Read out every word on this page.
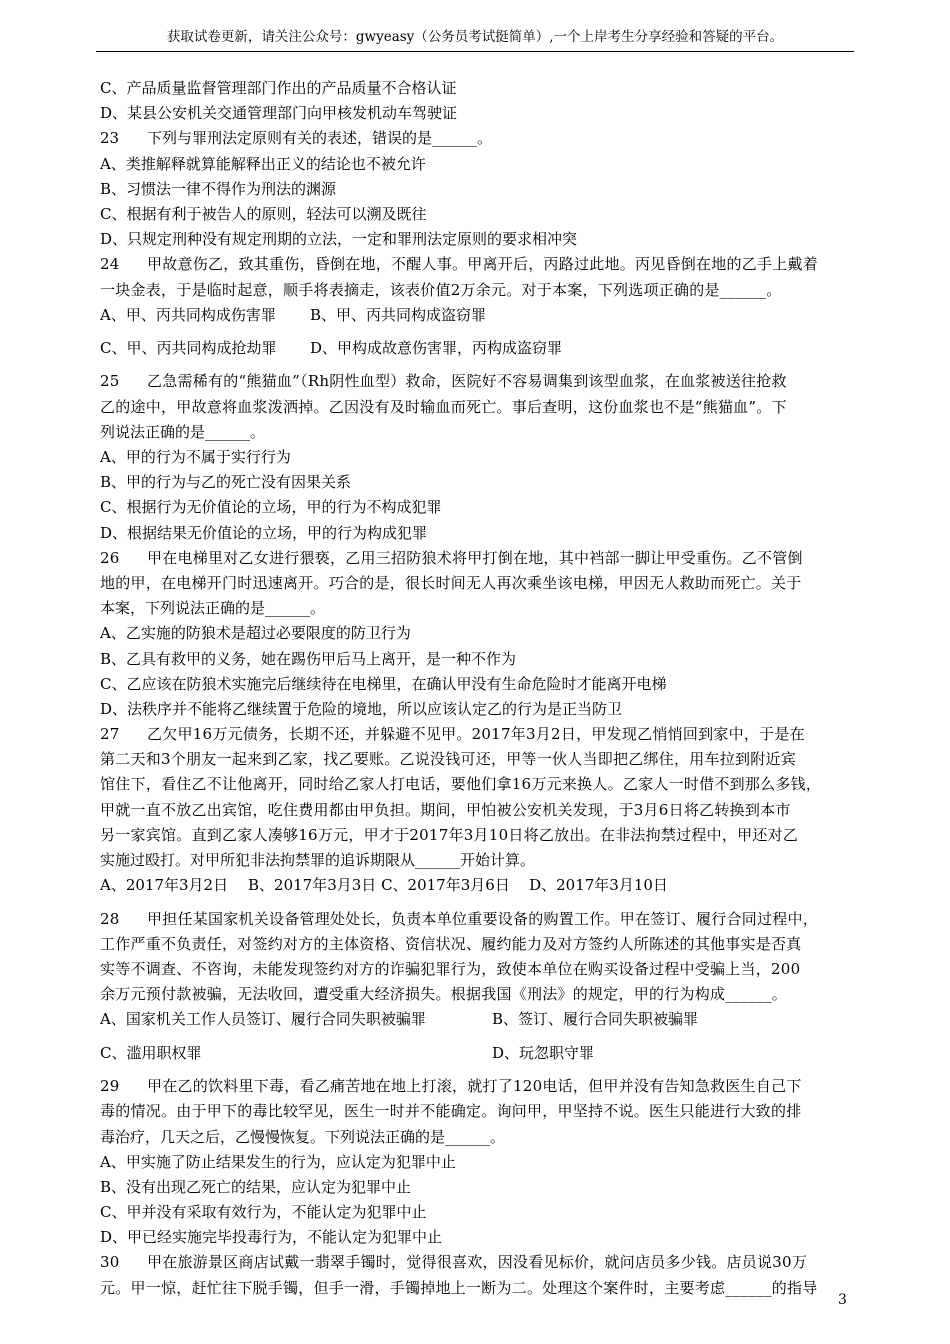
获取试卷更新，请关注公众号：gwyeasy（公务员考试挺简单）,一个上岸考生分享经验和答疑的平台。
C、产品质量监督管理部门作出的产品质量不合格认证
D、某县公安机关交通管理部门向甲核发机动车驾驶证
23 下列与罪刑法定原则有关的表述，错误的是______。
A、类推解释就算能解释出正义的结论也不被允许
B、习惯法一律不得作为刑法的渊源
C、根据有利于被告人的原则，轻法可以溯及既往
D、只规定刑种没有规定刑期的立法，一定和罪刑法定原则的要求相冲突
24 甲故意伤乙，致其重伤，昏倒在地，不醒人事。甲离开后，丙路过此地。丙见昏倒在地的乙手上戴着
一块金表，于是临时起意，顺手将表摘走，该表价值2万余元。对于本案，下列选项正确的是______。
A、甲、丙共同构成伤害罪 B、甲、丙共同构成盗窃罪 C、甲、丙共同构成抢劫罪 D、甲构成故意伤害罪，丙构成盗窃罪
25 乙急需稀有的“熊猫血”（Rh阴性血型）救命，医院好不容易调集到该型血浆，在血浆被送往抢救
乙的途中，甲故意将血浆泼洒掉。乙因没有及时输血而死亡。事后查明，这份血浆也不是“熊猫血”。下
列说法正确的是______。
A、甲的行为不属于实行行为
B、甲的行为与乙的死亡没有因果关系
C、根据行为无价值论的立场，甲的行为不构成犯罪
D、根据结果无价值论的立场，甲的行为构成犯罪
26 甲在电梯里对乙女进行猥亵，乙用三招防狼术将甲打倒在地，其中裆部一脚让甲受重伤。乙不管倒
地的甲，在电梯开门时迅速离开。巧合的是，很长时间无人再次乘坐该电梯，甲因无人救助而死亡。关于
本案，下列说法正确的是______。
A、乙实施的防狼术是超过必要限度的防卫行为
B、乙具有救甲的义务，她在踢伤甲后马上离开，是一种不作为
C、乙应该在防狼术实施完后继续待在电梯里，在确认甲没有生命危险时才能离开电梯
D、法秩序并不能将乙继续置于危险的境地，所以应该认定乙的行为是正当防卫
27 乙欠甲16万元债务，长期不还，并躲避不见甲。2017年3月2日，甲发现乙悄悄回到家中，于是在
第二天和3个朋友一起来到乙家，找乙要账。乙说没钱可还，甲等一伙人当即把乙绑住，用车拉到附近宾
馆住下，看住乙不让他离开，同时给乙家人打电话，要他们拿16万元来换人。乙家人一时借不到那么多钱，
甲就一直不放乙出宾馆，吃住费用都由甲负担。期间，甲怕被公安机关发现，于3月6日将乙转换到本市
另一家宾馆。直到乙家人凑够16万元，甲才于2017年3月10日将乙放出。在非法拘禁过程中，甲还对乙
实施过殴打。对甲所犯非法拘禁罪的追诉期限从______开始计算。
A、2017年3月2日 B、2017年3月3日 C、2017年3月6日 D、2017年3月10日
28 甲担任某国家机关设备管理处处长，负责本单位重要设备的购置工作。甲在签订、履行合同过程中，
工作严重不负责任，对签约对方的主体资格、资信状况、履约能力及对方签约人所陈述的其他事实是否真
实等不调查、不咨询，未能发现签约对方的诈骗犯罪行为，致使本单位在购买设备过程中受骗上当，200
余万元预付款被骗，无法收回，遭受重大经济损失。根据我国《刑法》的规定，甲的行为构成______。
A、国家机关工作人员签订、履行合同失职被骗罪	B、签订、履行合同失职被骗罪 C、滥用职权罪	D、玩忽职守罪
29 甲在乙的饮料里下毒，看乙痛苦地在地上打滚，就打了120电话，但甲并没有告知急救医生自己下
毒的情况。由于甲下的毒比较罕见，医生一时并不能确定。询问甲，甲坚持不说。医生只能进行大致的排
毒治疗，几天之后，乙慢慢恢复。下列说法正确的是______。
A、甲实施了防止结果发生的行为，应认定为犯罪中止
B、没有出现乙死亡的结果，应认定为犯罪中止
C、甲并没有采取有效行为，不能认定为犯罪中止
D、甲已经实施完毕投毒行为，不能认定为犯罪中止
30 甲在旅游景区商店试戴一翡翠手镯时，觉得很喜欢，因没看见标价，就问店员多少钱。店员说30万
元。甲一惊，赶忙往下脱手镯，但手一滑，手镯掉地上一断为二。处理这个案件时，主要考虑______的指导
3
